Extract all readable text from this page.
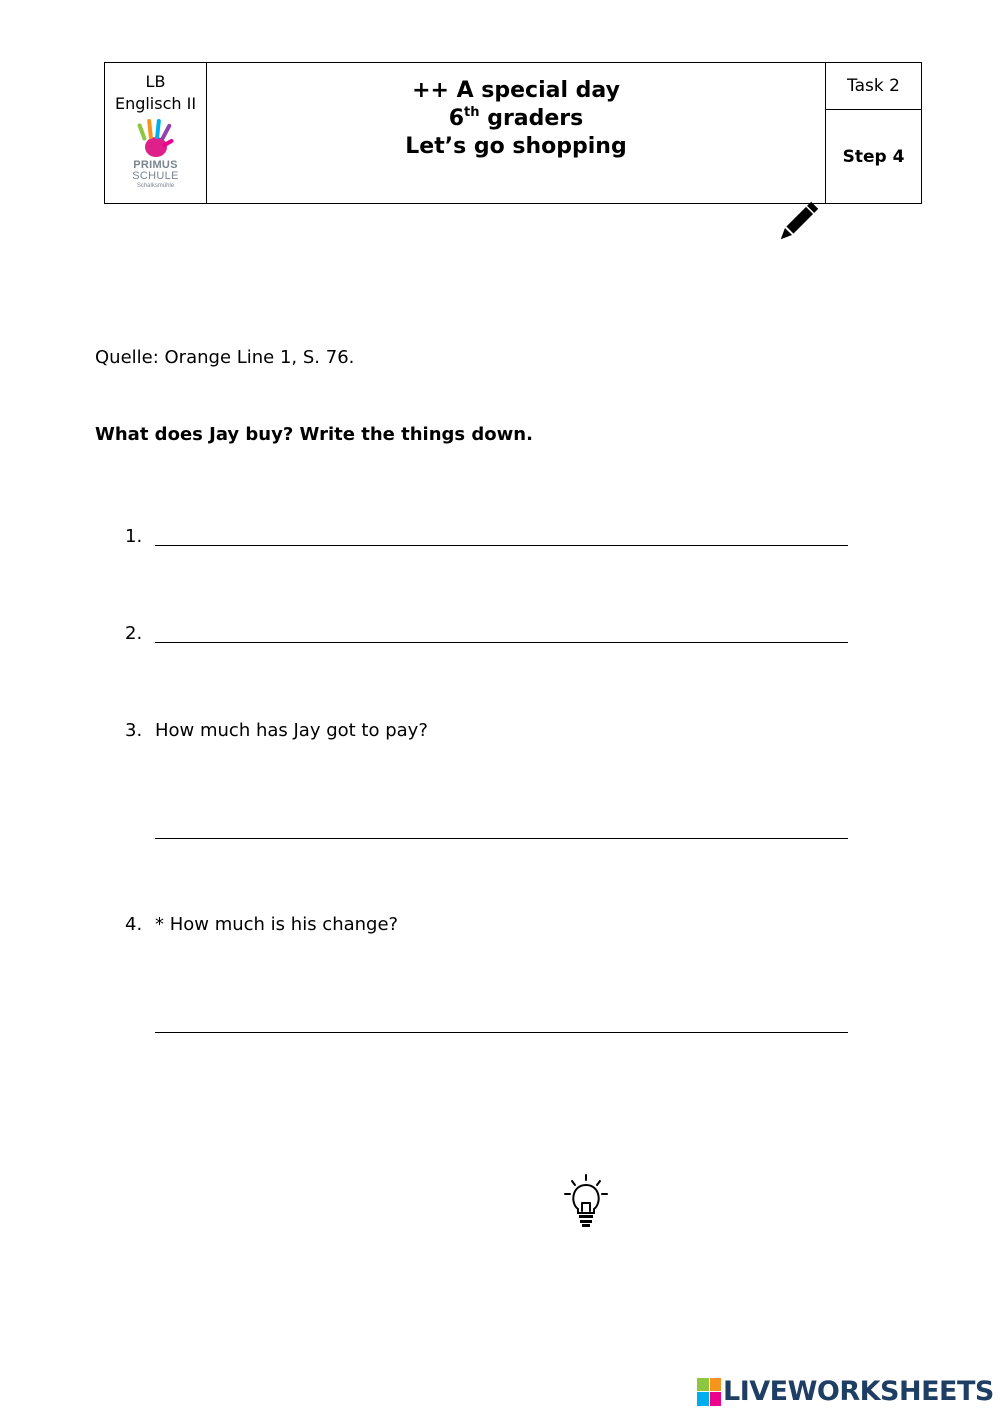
LB
Englisch II
PRIMUS
SCHULE
Schalksmühle
++ A special day
6th graders
Let’s go shopping
Task 2
Step 4
Quelle: Orange Line 1, S. 76.
What does Jay buy? Write the things down.
1.
2.
3. How much has Jay got to pay?
4. * How much is his change?
LIVEWORKSHEETS
